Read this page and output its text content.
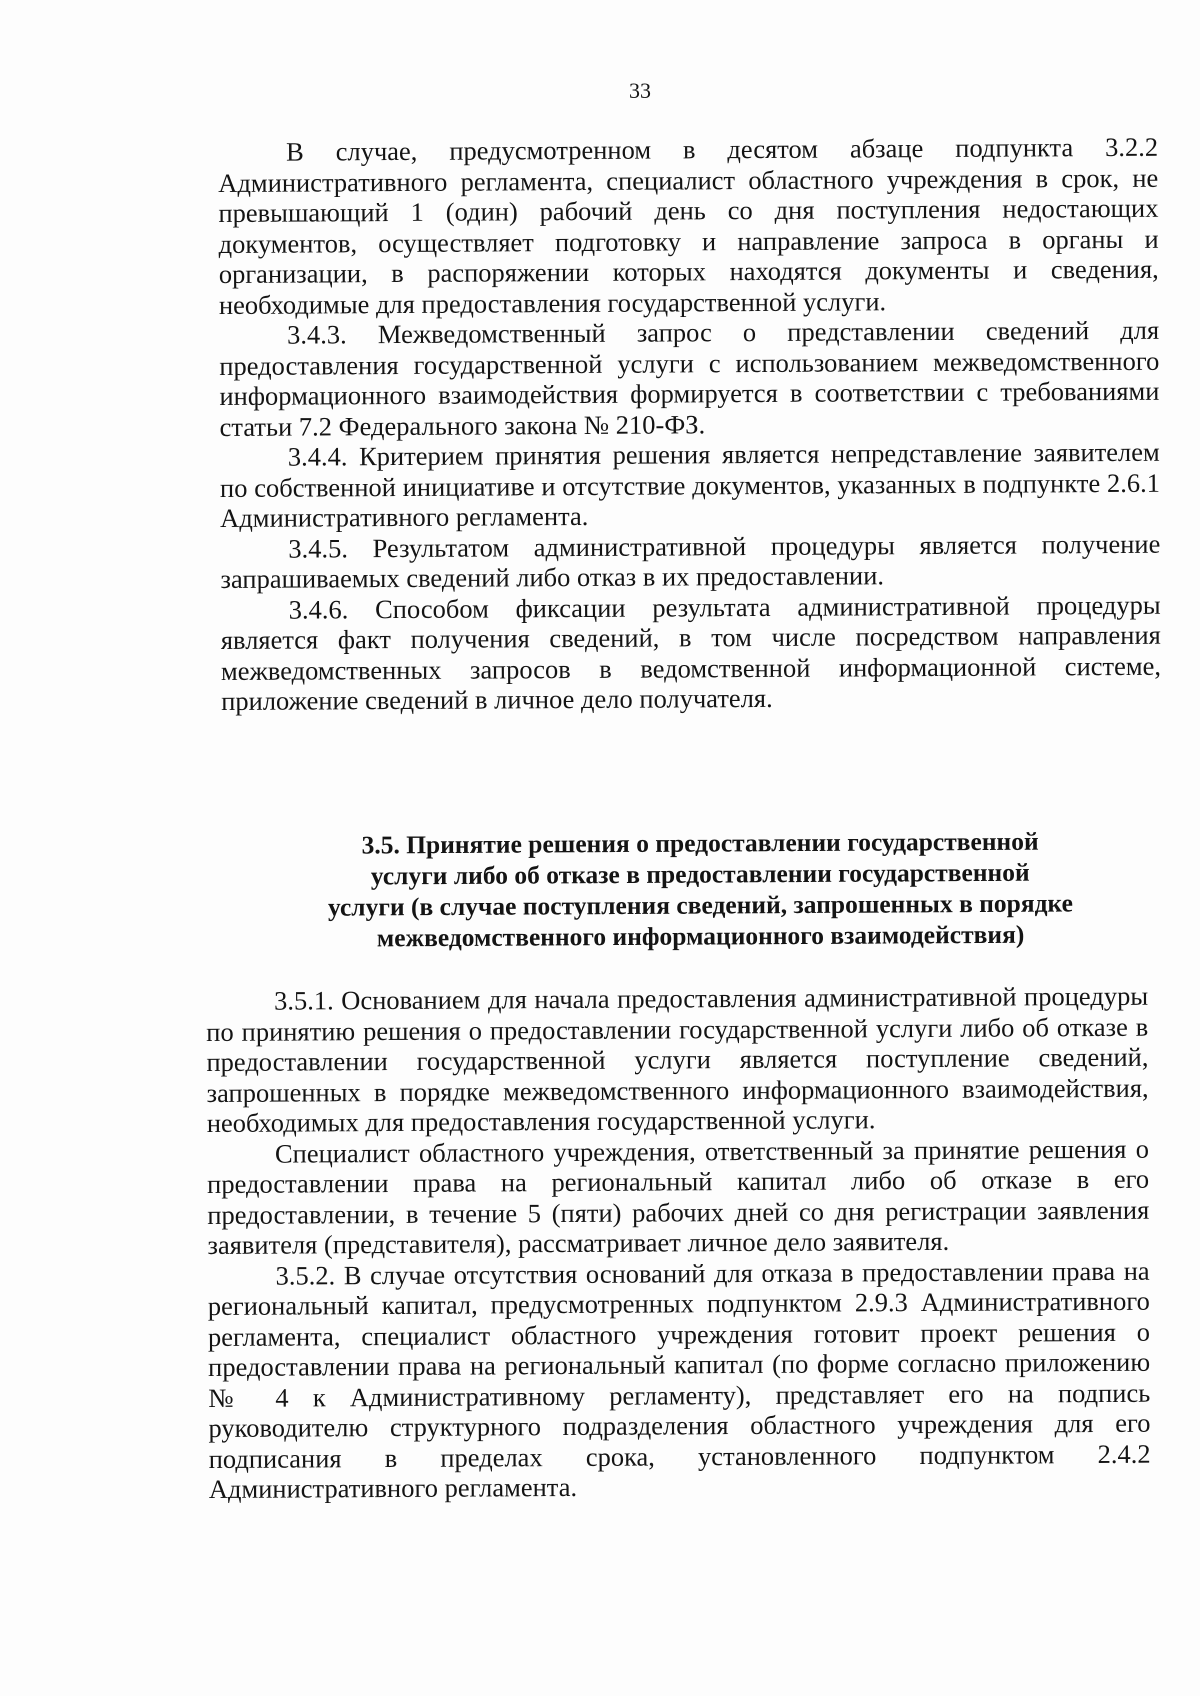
33

В случае, предусмотренном в десятом абзаце подпункта 3.2.2 Административного регламента, специалист областного учреждения в срок, не превышающий 1 (один) рабочий день со дня поступления недостающих документов, осуществляет подготовку и направление запроса в органы и организации, в распоряжении которых находятся документы и сведения, необходимые для предоставления государственной услуги.

3.4.3. Межведомственный запрос о представлении сведений для предоставления государственной услуги с использованием межведомственного информационного взаимодействия формируется в соответствии с требованиями статьи 7.2 Федерального закона № 210-ФЗ.

3.4.4. Критерием принятия решения является непредставление заявителем по собственной инициативе и отсутствие документов, указанных в подпункте 2.6.1 Административного регламента.

3.4.5. Результатом административной процедуры является получение запрашиваемых сведений либо отказ в их предоставлении.

3.4.6. Способом фиксации результата административной процедуры является факт получения сведений, в том числе посредством направления межведомственных запросов в ведомственной информационной системе, приложение сведений в личное дело получателя.

3.5. Принятие решения о предоставлении государственной

услуги либо об отказе в предоставлении государственной

услуги (в случае поступления сведений, запрошенных в порядке

межведомственного информационного взаимодействия)

3.5.1. Основанием для начала предоставления административной процедуры по принятию решения о предоставлении государственной услуги либо об отказе в предоставлении государственной услуги является поступление сведений, запрошенных в порядке межведомственного информационного взаимодействия, необходимых для предоставления государственной услуги.

Специалист областного учреждения, ответственный за принятие решения о предоставлении права на региональный капитал либо об отказе в его предоставлении, в течение 5 (пяти) рабочих дней со дня регистрации заявления заявителя (представителя), рассматривает личное дело заявителя.

3.5.2. В случае отсутствия оснований для отказа в предоставлении права на региональный капитал, предусмотренных подпунктом 2.9.3 Административного регламента, специалист областного учреждения готовит проект решения о предоставлении права на региональный капитал (по форме согласно приложению № 4 к Административному регламенту), представляет его на подпись руководителю структурного подразделения областного учреждения для его подписания в пределах срока, установленного подпунктом 2.4.2 Административного регламента.
